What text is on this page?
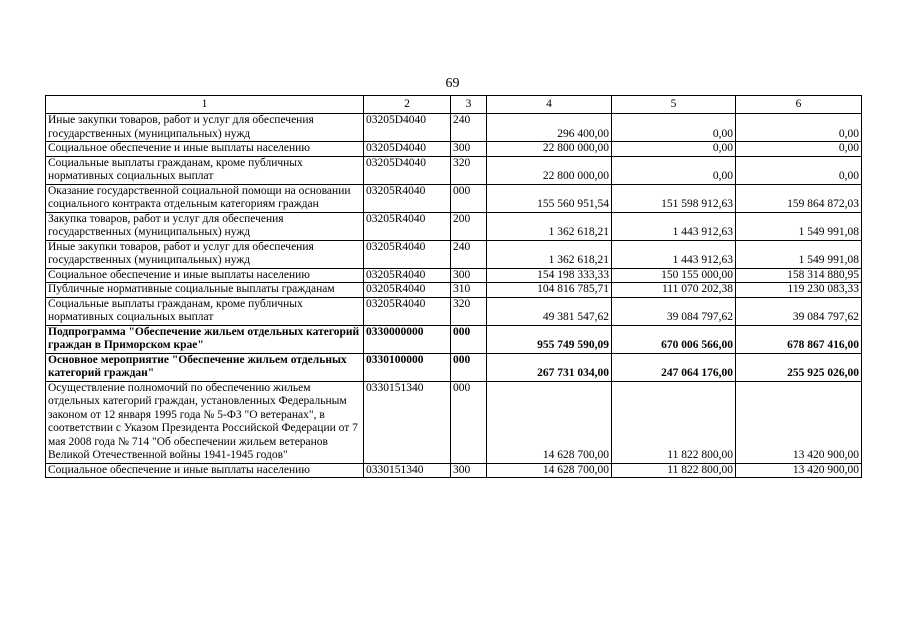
69
1	2	3	4	5	6
Иные закупки товаров, работ и услуг для обеспечения государственных (муниципальных) нужд	03205D4040	240	296 400,00	0,00	0,00
Социальное обеспечение и иные выплаты населению	03205D4040	300	22 800 000,00	0,00	0,00
Социальные выплаты гражданам, кроме публичных нормативных социальных выплат	03205D4040	320	22 800 000,00	0,00	0,00
Оказание государственной социальной помощи на основании социального контракта отдельным категориям граждан	03205R4040	000	155 560 951,54	151 598 912,63	159 864 872,03
Закупка товаров, работ и услуг для обеспечения государственных (муниципальных) нужд	03205R4040	200	1 362 618,21	1 443 912,63	1 549 991,08
Иные закупки товаров, работ и услуг для обеспечения государственных (муниципальных) нужд	03205R4040	240	1 362 618,21	1 443 912,63	1 549 991,08
Социальное обеспечение и иные выплаты населению	03205R4040	300	154 198 333,33	150 155 000,00	158 314 880,95
Публичные нормативные социальные выплаты гражданам	03205R4040	310	104 816 785,71	111 070 202,38	119 230 083,33
Социальные выплаты гражданам, кроме публичных нормативных социальных выплат	03205R4040	320	49 381 547,62	39 084 797,62	39 084 797,62
Подпрограмма "Обеспечение жильем отдельных категорий граждан в Приморском крае"	0330000000	000	955 749 590,09	670 006 566,00	678 867 416,00
Основное мероприятие "Обеспечение жильем отдельных категорий граждан"	0330100000	000	267 731 034,00	247 064 176,00	255 925 026,00
Осуществление полномочий по обеспечению жильем отдельных категорий граждан, установленных Федеральным законом от 12 января 1995 года № 5-ФЗ "О ветеранах", в соответствии с Указом Президента Российской Федерации от 7 мая 2008 года № 714 "Об обеспечении жильем ветеранов Великой Отечественной войны 1941-1945 годов"	0330151340	000	14 628 700,00	11 822 800,00	13 420 900,00
Социальное обеспечение и иные выплаты населению	0330151340	300	14 628 700,00	11 822 800,00	13 420 900,00
